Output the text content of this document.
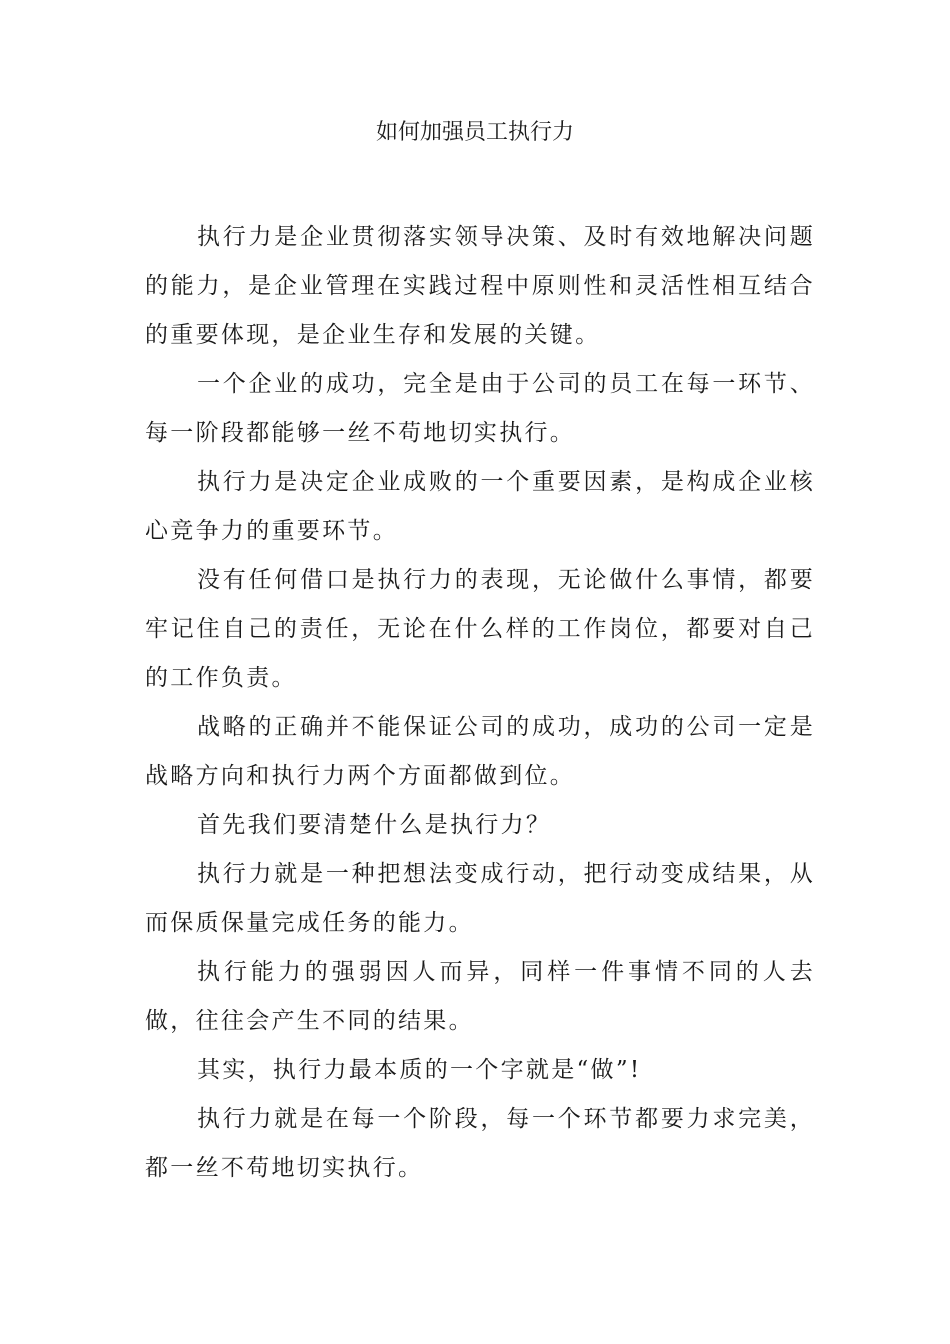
如何加强员工执行力

执行力是企业贯彻落实领导决策、及时有效地解决问题的能力，是企业管理在实践过程中原则性和灵活性相互结合的重要体现，是企业生存和发展的关键。

一个企业的成功，完全是由于公司的员工在每一环节、每一阶段都能够一丝不苟地切实执行。

执行力是决定企业成败的一个重要因素，是构成企业核心竞争力的重要环节。

没有任何借口是执行力的表现，无论做什么事情，都要牢记住自己的责任，无论在什么样的工作岗位，都要对自己的工作负责。

战略的正确并不能保证公司的成功，成功的公司一定是战略方向和执行力两个方面都做到位。

首先我们要清楚什么是执行力？

执行力就是一种把想法变成行动，把行动变成结果，从而保质保量完成任务的能力。

执行能力的强弱因人而异，同样一件事情不同的人去做，往往会产生不同的结果。

其实，执行力最本质的一个字就是“做”!

执行力就是在每一个阶段，每一个环节都要力求完美，都一丝不苟地切实执行。
